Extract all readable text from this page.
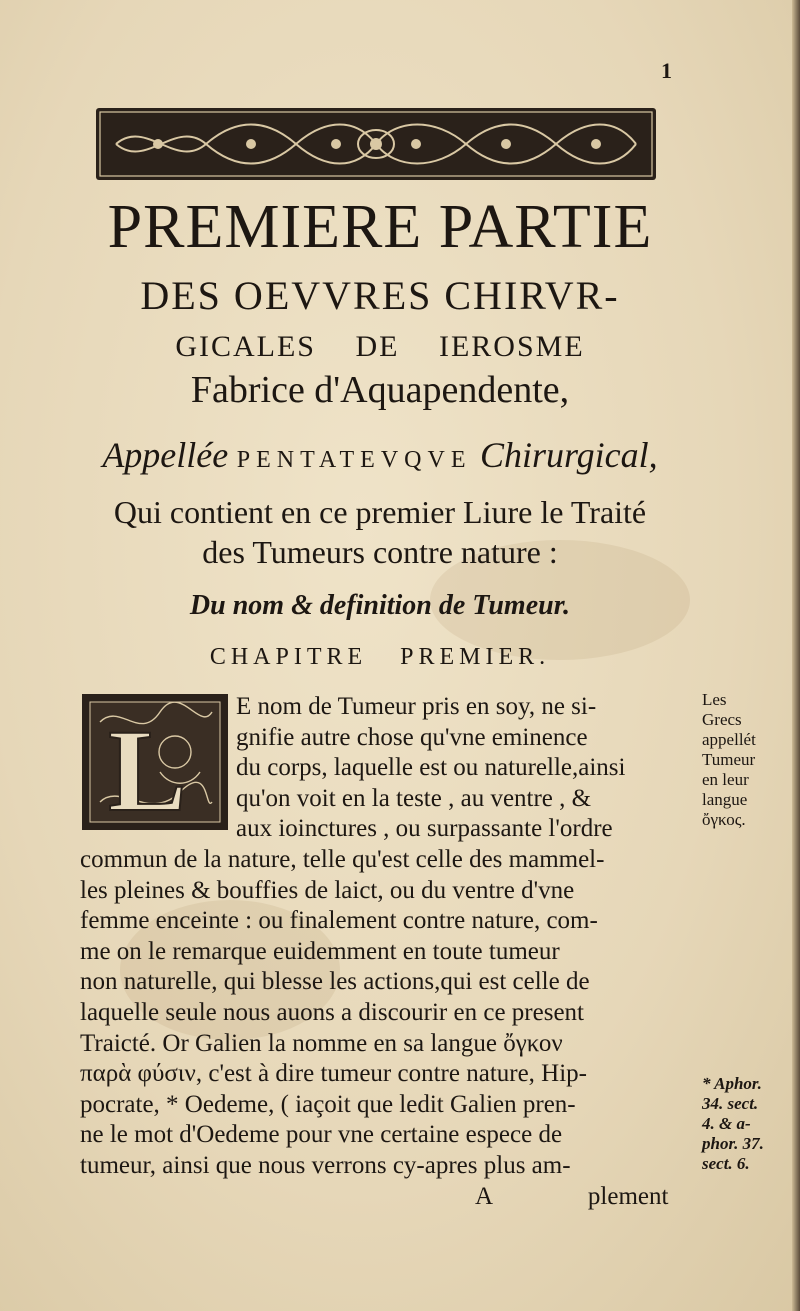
1
PREMIERE PARTIE
DES OEVVRES CHIRVR-
GICALES DE IEROSME
Fabrice d'Aquapendente,
Appellée PENTATEVQVE Chirurgical,
Qui contient en ce premier Liure le Traité
des Tumeurs contre nature :
Du nom & definition de Tumeur.
CHAPITRE PREMIER.
L	E nom de Tumeur pris en soy, ne si-
gnifie autre chose qu'vne eminence
du corps, laquelle est ou naturelle,ainsi
qu'on voit en la teste , au ventre , &
aux ioinctures , ou surpassante l'ordre
commun de la nature, telle qu'est celle des mammel-
les pleines & bouffies de laict, ou du ventre d'vne
femme enceinte : ou finalement contre nature, com-
me on le remarque euidemment en toute tumeur
non naturelle, qui blesse les actions,qui est celle de
laquelle seule nous auons a discourir en ce present
Traicté. Or Galien la nomme en sa langue ὄγκον
παρὰ φύσιν, c'est à dire tumeur contre nature, Hip-
pocrate, * Oedeme, ( iaçoit que ledit Galien pren-
ne le mot d'Oedeme pour vne certaine espece de
tumeur, ainsi que nous verrons cy-apres plus am-
A plement
Les
Grecs
appellét
Tumeur
en leur
langue
ὄγκος.
* Aphor.
34. sect.
4. & a-
phor. 37.
sect. 6.
